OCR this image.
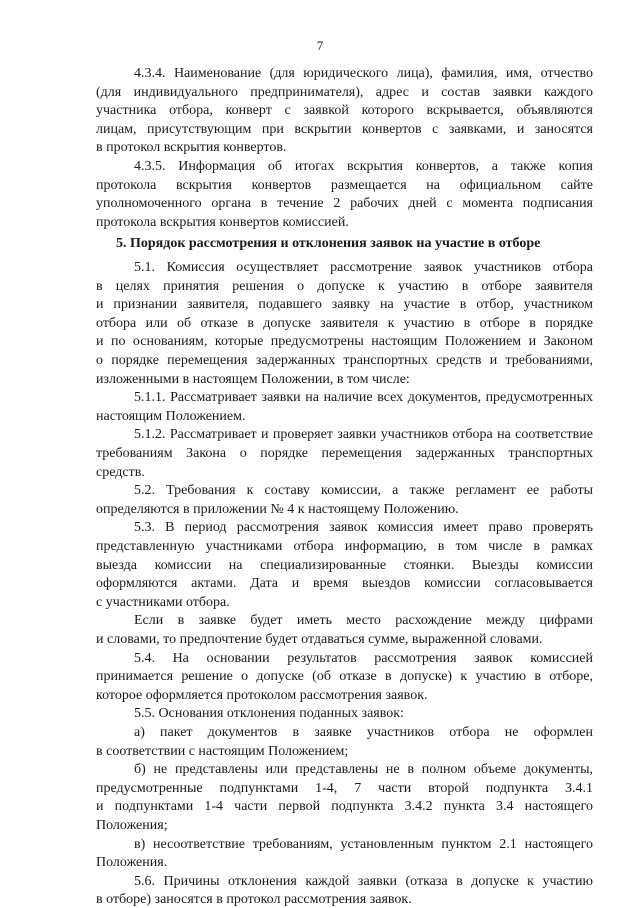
7
4.3.4. Наименование (для юридического лица), фамилия, имя, отчество
(для индивидуального предпринимателя), адрес и состав заявки каждого
участника отбора, конверт с заявкой которого вскрывается, объявляются
лицам, присутствующим при вскрытии конвертов с заявками, и заносятся
в протокол вскрытия конвертов.
4.3.5. Информация об итогах вскрытия конвертов, а также копия
протокола вскрытия конвертов размещается на официальном сайте
уполномоченного органа в течение 2 рабочих дней с момента подписания
протокола вскрытия конвертов комиссией.
5. Порядок рассмотрения и отклонения заявок на участие в отборе
5.1. Комиссия осуществляет рассмотрение заявок участников отбора
в целях принятия решения о допуске к участию в отборе заявителя
и признании заявителя, подавшего заявку на участие в отбор, участником
отбора или об отказе в допуске заявителя к участию в отборе в порядке
и по основаниям, которые предусмотрены настоящим Положением и Законом
о порядке перемещения задержанных транспортных средств и требованиями,
изложенными в настоящем Положении, в том числе:
5.1.1. Рассматривает заявки на наличие всех документов, предусмотренных
настоящим Положением.
5.1.2. Рассматривает и проверяет заявки участников отбора на соответствие
требованиям Закона о порядке перемещения задержанных транспортных
средств.
5.2. Требования к составу комиссии, а также регламент ее работы
определяются в приложении № 4 к настоящему Положению.
5.3. В период рассмотрения заявок комиссия имеет право проверять
представленную участниками отбора информацию, в том числе в рамках
выезда комиссии на специализированные стоянки. Выезды комиссии
оформляются актами. Дата и время выездов комиссии согласовывается
с участниками отбора.
Если в заявке будет иметь место расхождение между цифрами
и словами, то предпочтение будет отдаваться сумме, выраженной словами.
5.4. На основании результатов рассмотрения заявок комиссией
принимается решение о допуске (об отказе в допуске) к участию в отборе,
которое оформляется протоколом рассмотрения заявок.
5.5. Основания отклонения поданных заявок:
а) пакет документов в заявке участников отбора не оформлен
в соответствии с настоящим Положением;
б) не представлены или представлены не в полном объеме документы,
предусмотренные подпунктами 1-4, 7 части второй подпункта 3.4.1
и подпунктами 1-4 части первой подпункта 3.4.2 пункта 3.4 настоящего
Положения;
в) несоответствие требованиям, установленным пунктом 2.1 настоящего
Положения.
5.6. Причины отклонения каждой заявки (отказа в допуске к участию
в отборе) заносятся в протокол рассмотрения заявок.
